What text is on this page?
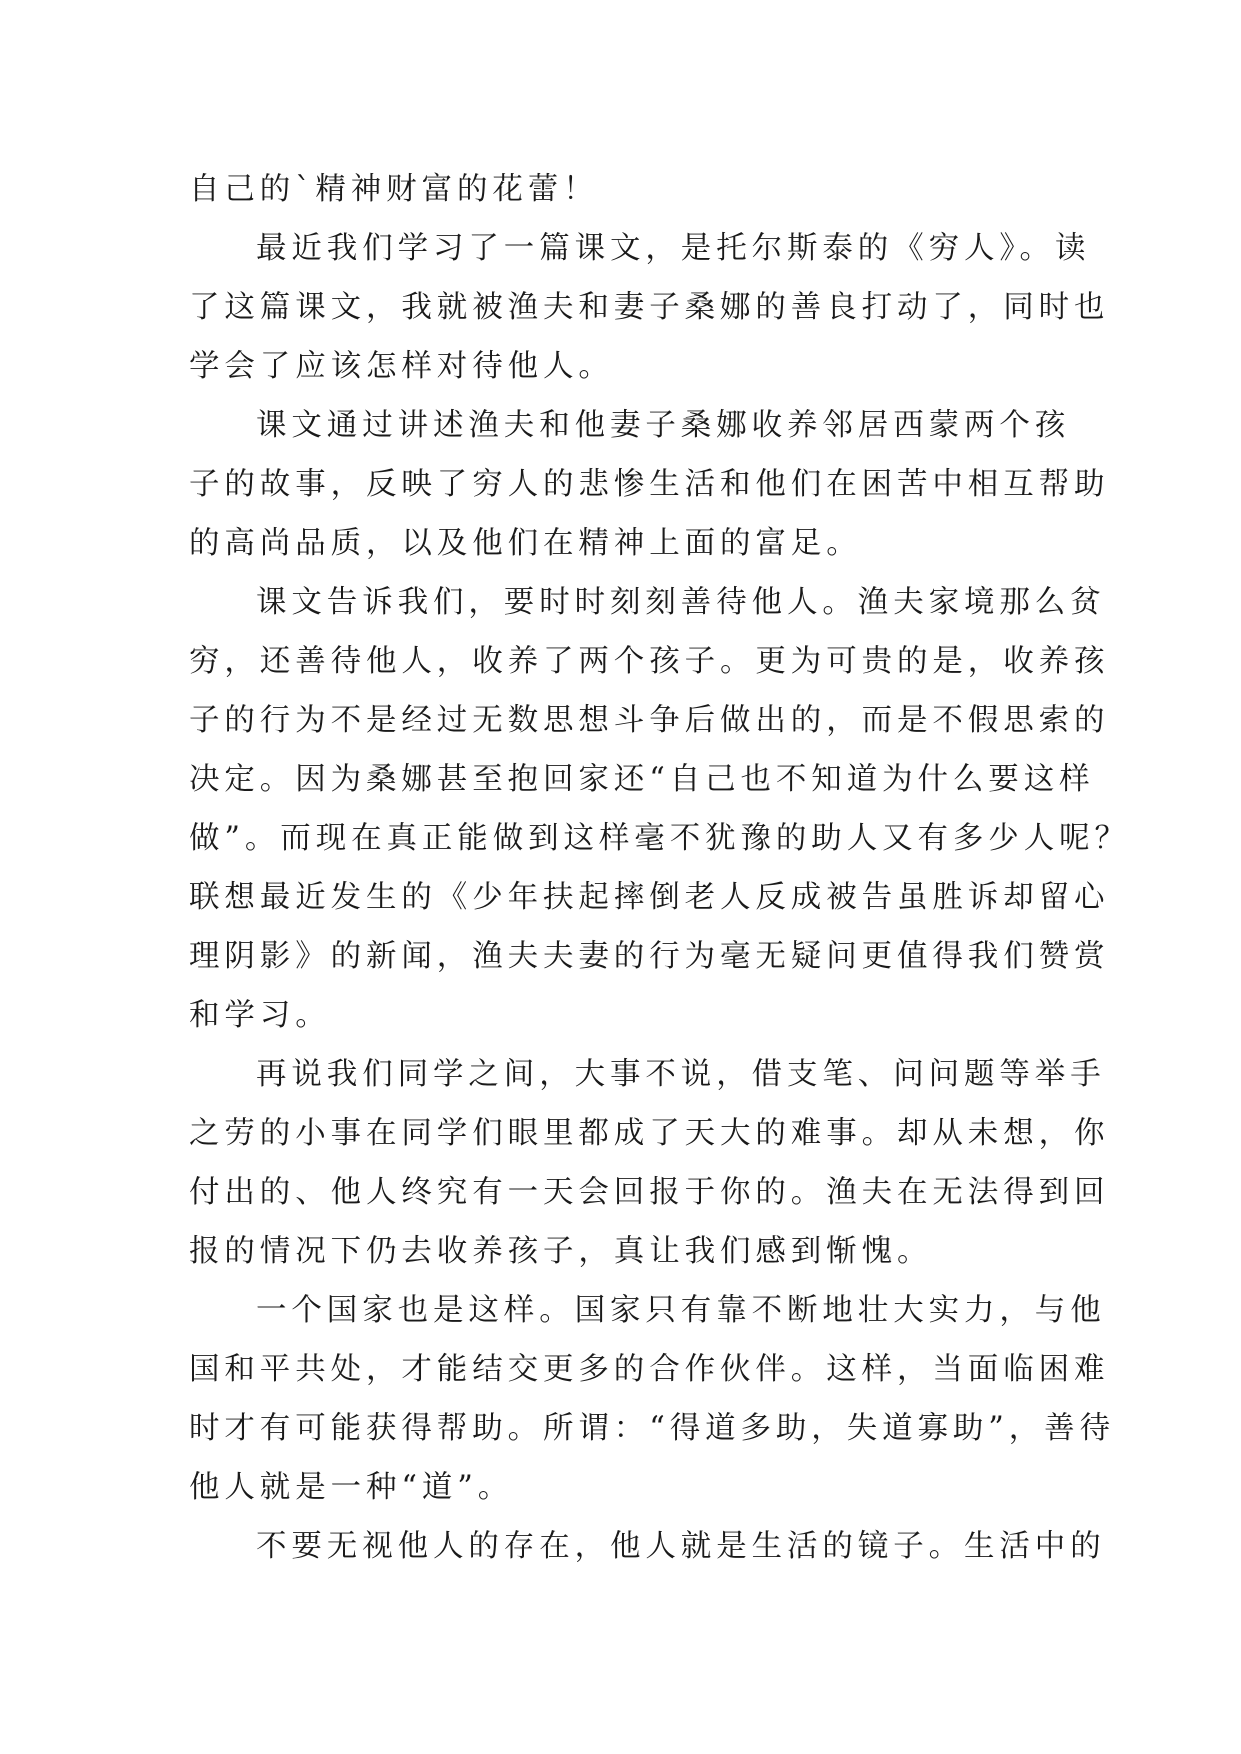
自己的`精神财富的花蕾！
最近我们学习了一篇课文，是托尔斯泰的《穷人》。读
了这篇课文，我就被渔夫和妻子桑娜的善良打动了，同时也
学会了应该怎样对待他人。
课文通过讲述渔夫和他妻子桑娜收养邻居西蒙两个孩
子的故事，反映了穷人的悲惨生活和他们在困苦中相互帮助
的高尚品质，以及他们在精神上面的富足。
课文告诉我们，要时时刻刻善待他人。渔夫家境那么贫
穷，还善待他人，收养了两个孩子。更为可贵的是，收养孩
子的行为不是经过无数思想斗争后做出的，而是不假思索的
决定。因为桑娜甚至抱回家还“自己也不知道为什么要这样
做”。而现在真正能做到这样毫不犹豫的助人又有多少人呢？
联想最近发生的《少年扶起摔倒老人反成被告虽胜诉却留心
理阴影》的新闻，渔夫夫妻的行为毫无疑问更值得我们赞赏
和学习。
再说我们同学之间，大事不说，借支笔、问问题等举手
之劳的小事在同学们眼里都成了天大的难事。却从未想，你
付出的、他人终究有一天会回报于你的。渔夫在无法得到回
报的情况下仍去收养孩子，真让我们感到惭愧。
一个国家也是这样。国家只有靠不断地壮大实力，与他
国和平共处，才能结交更多的合作伙伴。这样，当面临困难
时才有可能获得帮助。所谓：“得道多助，失道寡助”，善待
他人就是一种“道”。
不要无视他人的存在，他人就是生活的镜子。生活中的
